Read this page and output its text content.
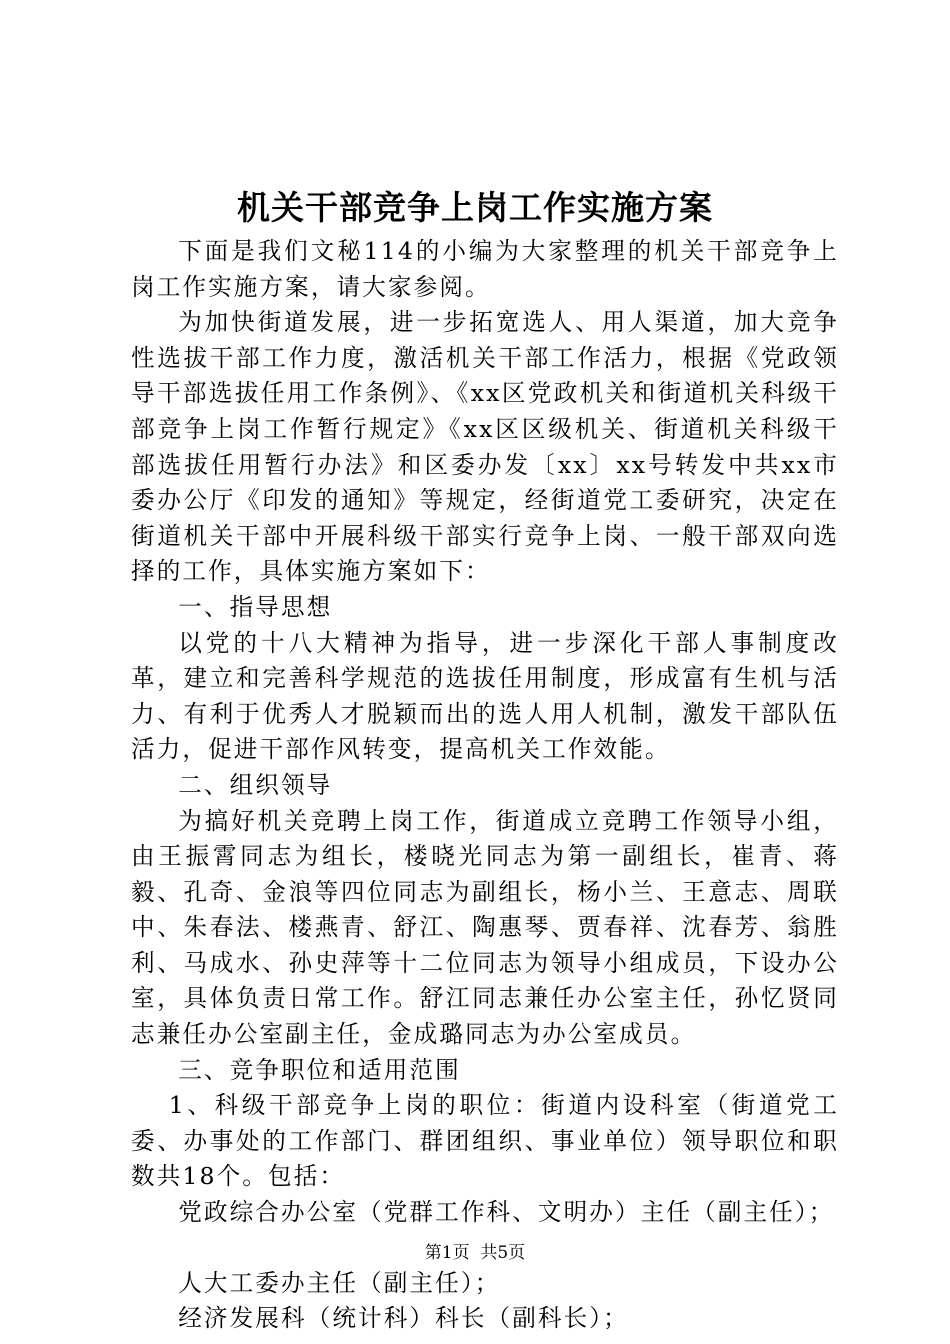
机关干部竞争上岗工作实施方案

下面是我们文秘114的小编为大家整理的机关干部竞争上岗工作实施方案，请大家参阅。

为加快街道发展，进一步拓宽选人、用人渠道，加大竞争性选拔干部工作力度，激活机关干部工作活力，根据《党政领导干部选拔任用工作条例》、《xx区党政机关和街道机关科级干部竞争上岗工作暂行规定》《xx区区级机关、街道机关科级干部选拔任用暂行办法》和区委办发〔xx〕xx号转发中共xx市委办公厅《印发的通知》等规定，经街道党工委研究，决定在街道机关干部中开展科级干部实行竞争上岗、一般干部双向选择的工作，具体实施方案如下：

一、指导思想

以党的十八大精神为指导，进一步深化干部人事制度改革，建立和完善科学规范的选拔任用制度，形成富有生机与活力、有利于优秀人才脱颖而出的选人用人机制，激发干部队伍活力，促进干部作风转变，提高机关工作效能。

二、组织领导

为搞好机关竞聘上岗工作，街道成立竞聘工作领导小组，由王振霄同志为组长，楼晓光同志为第一副组长，崔青、蒋毅、孔奇、金浪等四位同志为副组长，杨小兰、王意志、周联中、朱春法、楼燕青、舒江、陶惠琴、贾春祥、沈春芳、翁胜利、马成水、孙史萍等十二位同志为领导小组成员，下设办公室，具体负责日常工作。舒江同志兼任办公室主任，孙忆贤同志兼任办公室副主任，金成璐同志为办公室成员。

三、竞争职位和适用范围

1、科级干部竞争上岗的职位：街道内设科室（街道党工委、办事处的工作部门、群团组织、事业单位）领导职位和职数共18个。包括：

党政综合办公室（党群工作科、文明办）主任（副主任）；

人大工委办主任（副主任）；

经济发展科（统计科）科长（副科长）；

第1页 共5页
